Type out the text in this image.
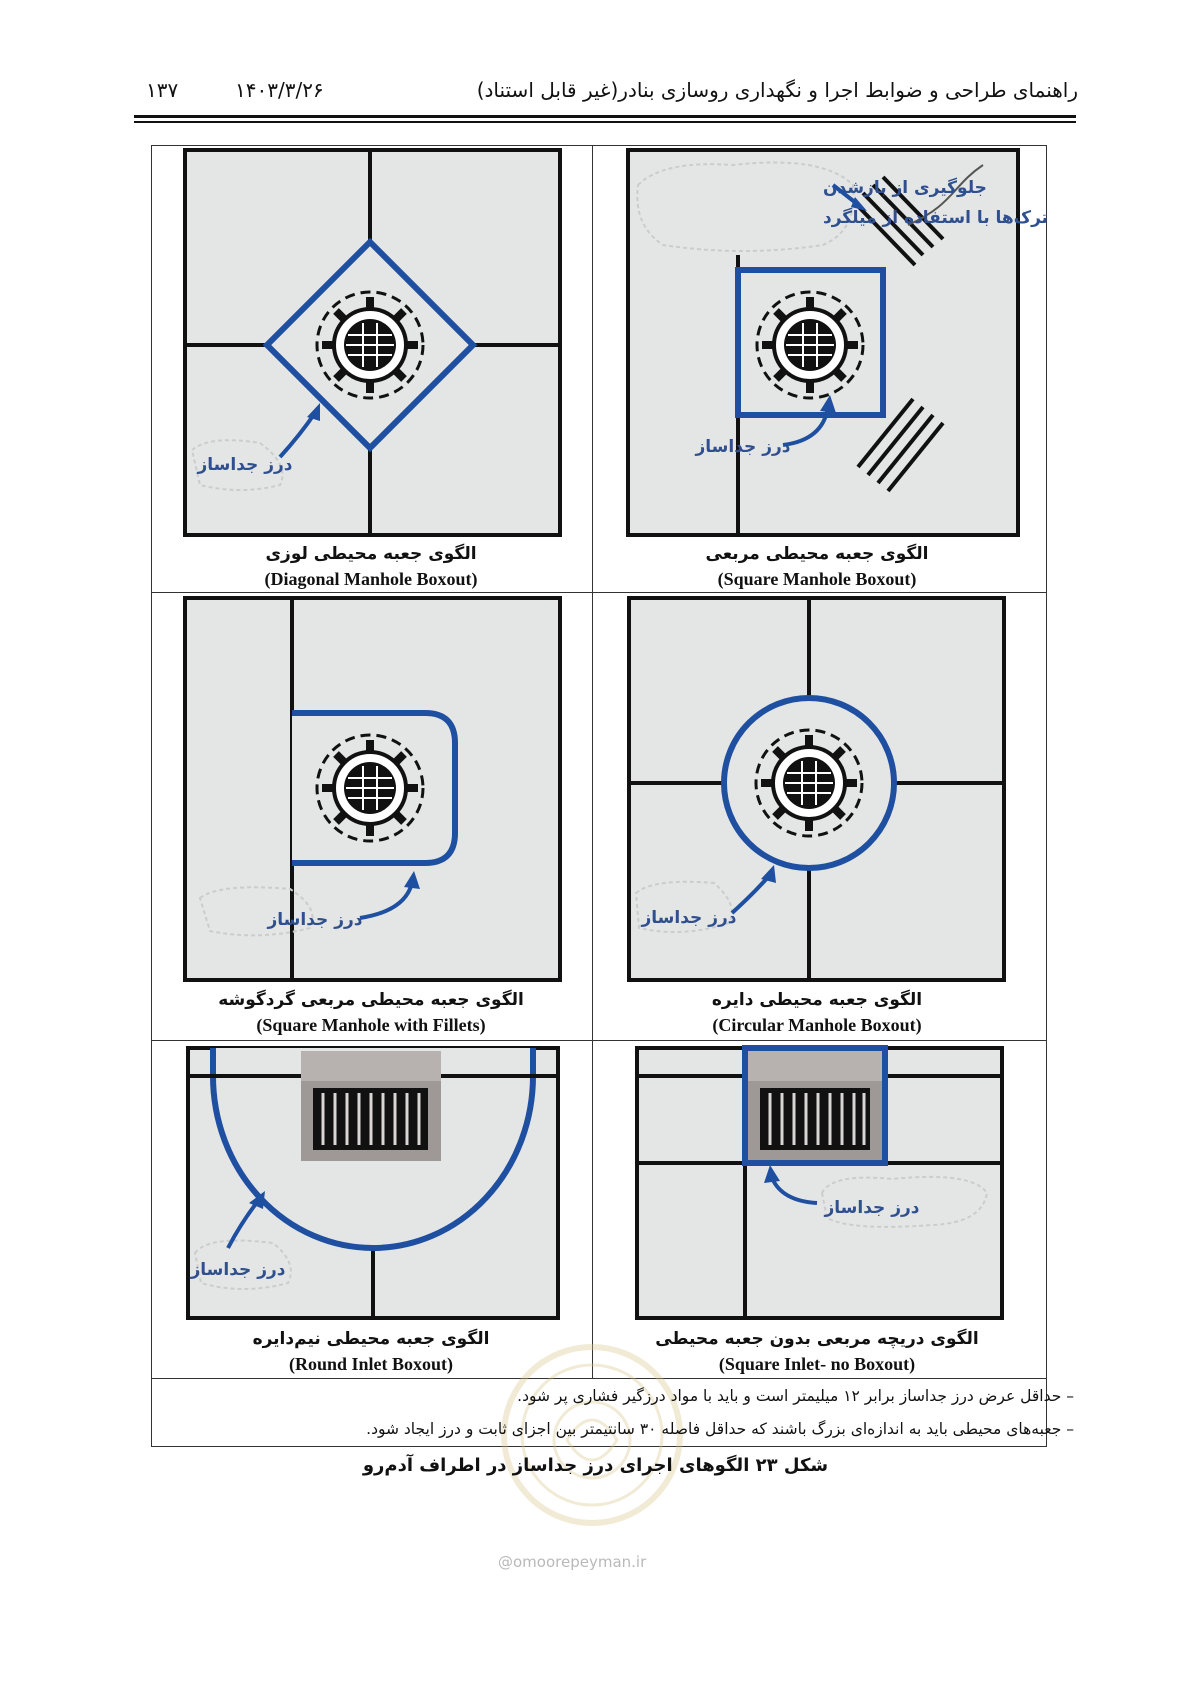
راهنمای طراحی و ضوابط اجرا و نگهداری روسازی بنادر(غیر قابل استناد)
۱۴۰۳/۳/۲۶
۱۳۷
جلوگیری از بازشدن
ترک‌ها با استفاده از میلگرد
درز جداساز
الگوی جعبه محیطی مربعی
(Square Manhole Boxout)
درز جداساز
الگوی جعبه محیطی لوزی
(Diagonal Manhole Boxout)
درز جداساز
الگوی جعبه محیطی دایره
(Circular Manhole Boxout)
درز جداساز
الگوی جعبه محیطی مربعی گردگوشه
(Square Manhole with Fillets)
درز جداساز
الگوی دریچه مربعی بدون جعبه محیطی
(Square Inlet- no Boxout)
درز جداساز
الگوی جعبه محیطی نیم‌دایره
(Round Inlet Boxout)
– حداقل عرض درز جداساز برابر ۱۲ میلیمتر است و باید با مواد درزگیر فشاری پر شود.
– جعبه‌های محیطی باید به اندازه‌ای بزرگ باشند که حداقل فاصله ۳۰ سانتیمتر بین اجزای ثابت و درز ایجاد شود.
شکل ۲۳ الگوهای اجرای درز جداساز در اطراف آدم‌رو
@omoorepeyman.ir
